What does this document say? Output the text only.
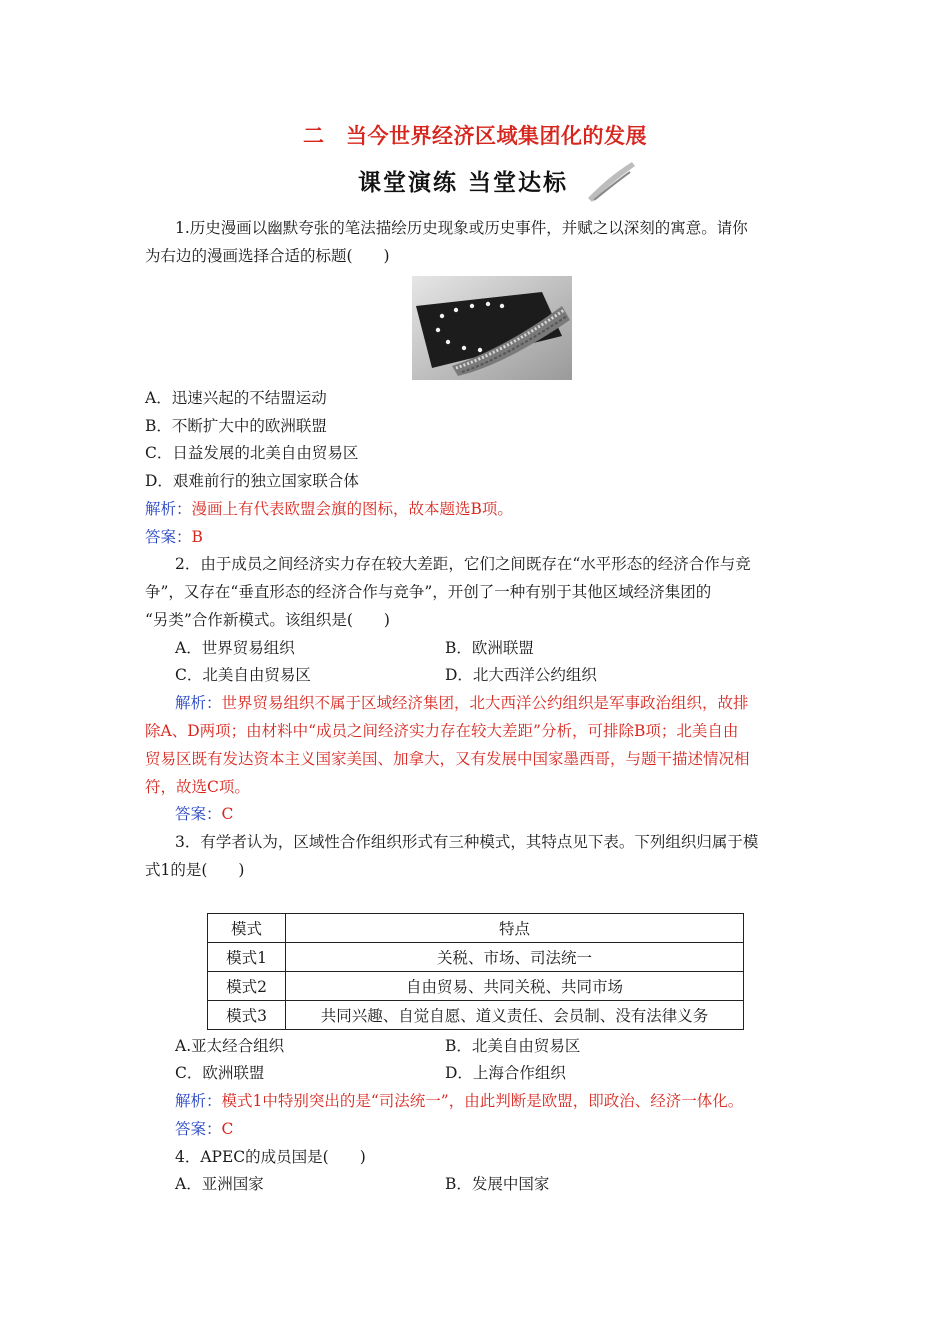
二　当今世界经济区域集团化的发展
课堂演练 当堂达标
1.历史漫画以幽默夸张的笔法描绘历史现象或历史事件，并赋之以深刻的寓意。请你
为右边的漫画选择合适的标题(　　)
A．迅速兴起的不结盟运动
B．不断扩大中的欧洲联盟
C．日益发展的北美自由贸易区
D．艰难前行的独立国家联合体
解析：漫画上有代表欧盟会旗的图标，故本题选B项。
答案：B
2．由于成员之间经济实力存在较大差距，它们之间既存在“水平形态的经济合作与竞
争”，又存在“垂直形态的经济合作与竞争”，开创了一种有别于其他区域经济集团的
“另类”合作新模式。该组织是(　　)
A．世界贸易组织	B．欧洲联盟
C．北美自由贸易区	D．北大西洋公约组织
解析：世界贸易组织不属于区域经济集团，北大西洋公约组织是军事政治组织，故排
除A、D两项；由材料中“成员之间经济实力存在较大差距”分析，可排除B项；北美自由
贸易区既有发达资本主义国家美国、加拿大，又有发展中国家墨西哥，与题干描述情况相
符，故选C项。
答案：C
3．有学者认为，区域性合作组织形式有三种模式，其特点见下表。下列组织归属于模
式1的是(　　)
模式	特点
模式1	关税、市场、司法统一
模式2	自由贸易、共同关税、共同市场
模式3	共同兴趣、自觉自愿、道义责任、会员制、没有法律义务
A.亚太经合组织	B．北美自由贸易区
C．欧洲联盟	D．上海合作组织
解析：模式1中特别突出的是“司法统一”，由此判断是欧盟，即政治、经济一体化。
答案：C
4．APEC的成员国是(　　)
A．亚洲国家	B．发展中国家
